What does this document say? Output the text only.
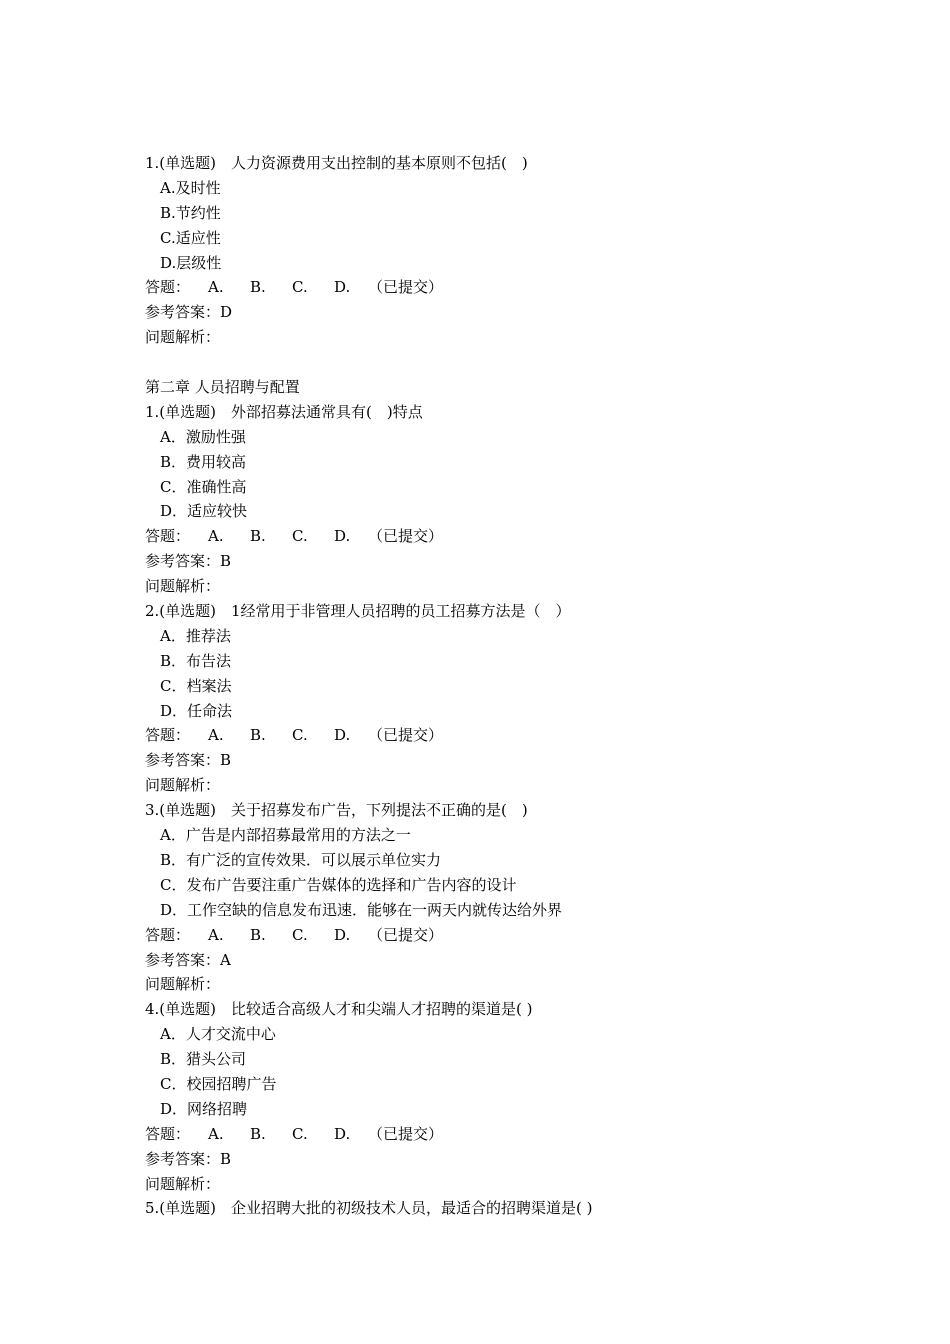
1.(单选题)　人力资源费用支出控制的基本原则不包括(　)
A.及时性
B.节约性
C.适应性
D.层级性
答题： A. B. C. D. （已提交）
参考答案：D
问题解析：
第二章 人员招聘与配置
1.(单选题)　外部招募法通常具有(　)特点
A．激励性强
B．费用较高
C．准确性高
D．适应较快
答题： A. B. C. D. （已提交）
参考答案：B
问题解析：
2.(单选题)　1经常用于非管理人员招聘的员工招募方法是（　）
A．推荐法
B．布告法
C．档案法
D．任命法
答题： A. B. C. D. （已提交）
参考答案：B
问题解析：
3.(单选题)　关于招募发布广告，下列提法不正确的是(　)
A．广告是内部招募最常用的方法之一
B．有广泛的宣传效果．可以展示单位实力
C．发布广告要注重广告媒体的选择和广告内容的设计
D．工作空缺的信息发布迅速．能够在一两天内就传达给外界
答题： A. B. C. D. （已提交）
参考答案：A
问题解析：
4.(单选题)　比较适合高级人才和尖端人才招聘的渠道是( )
A．人才交流中心
B．猎头公司
C．校园招聘广告
D．网络招聘
答题： A. B. C. D. （已提交）
参考答案：B
问题解析：
5.(单选题)　企业招聘大批的初级技术人员，最适合的招聘渠道是( )
